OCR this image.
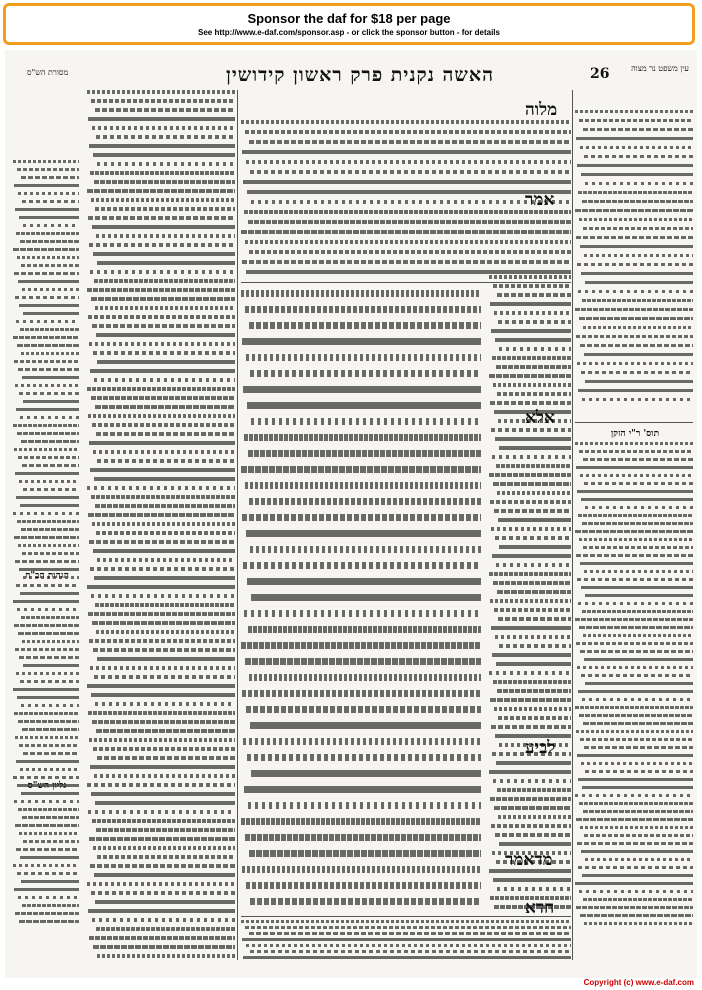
Sponsor the daf for $18 per page
See http://www.e-daf.com/sponsor.asp - or click the sponsor button - for details
מסורת הש"ס	האשה נקנית פרק ראשון קידושין	26	עין משפט נר מצוה
מלוה
אמר
אלא
לביע
מדאמר
חדא
תוס' ר"י הזקן
הגהות הב"ח
גליון הש"ס
Copyright (c) www.e-daf.com
